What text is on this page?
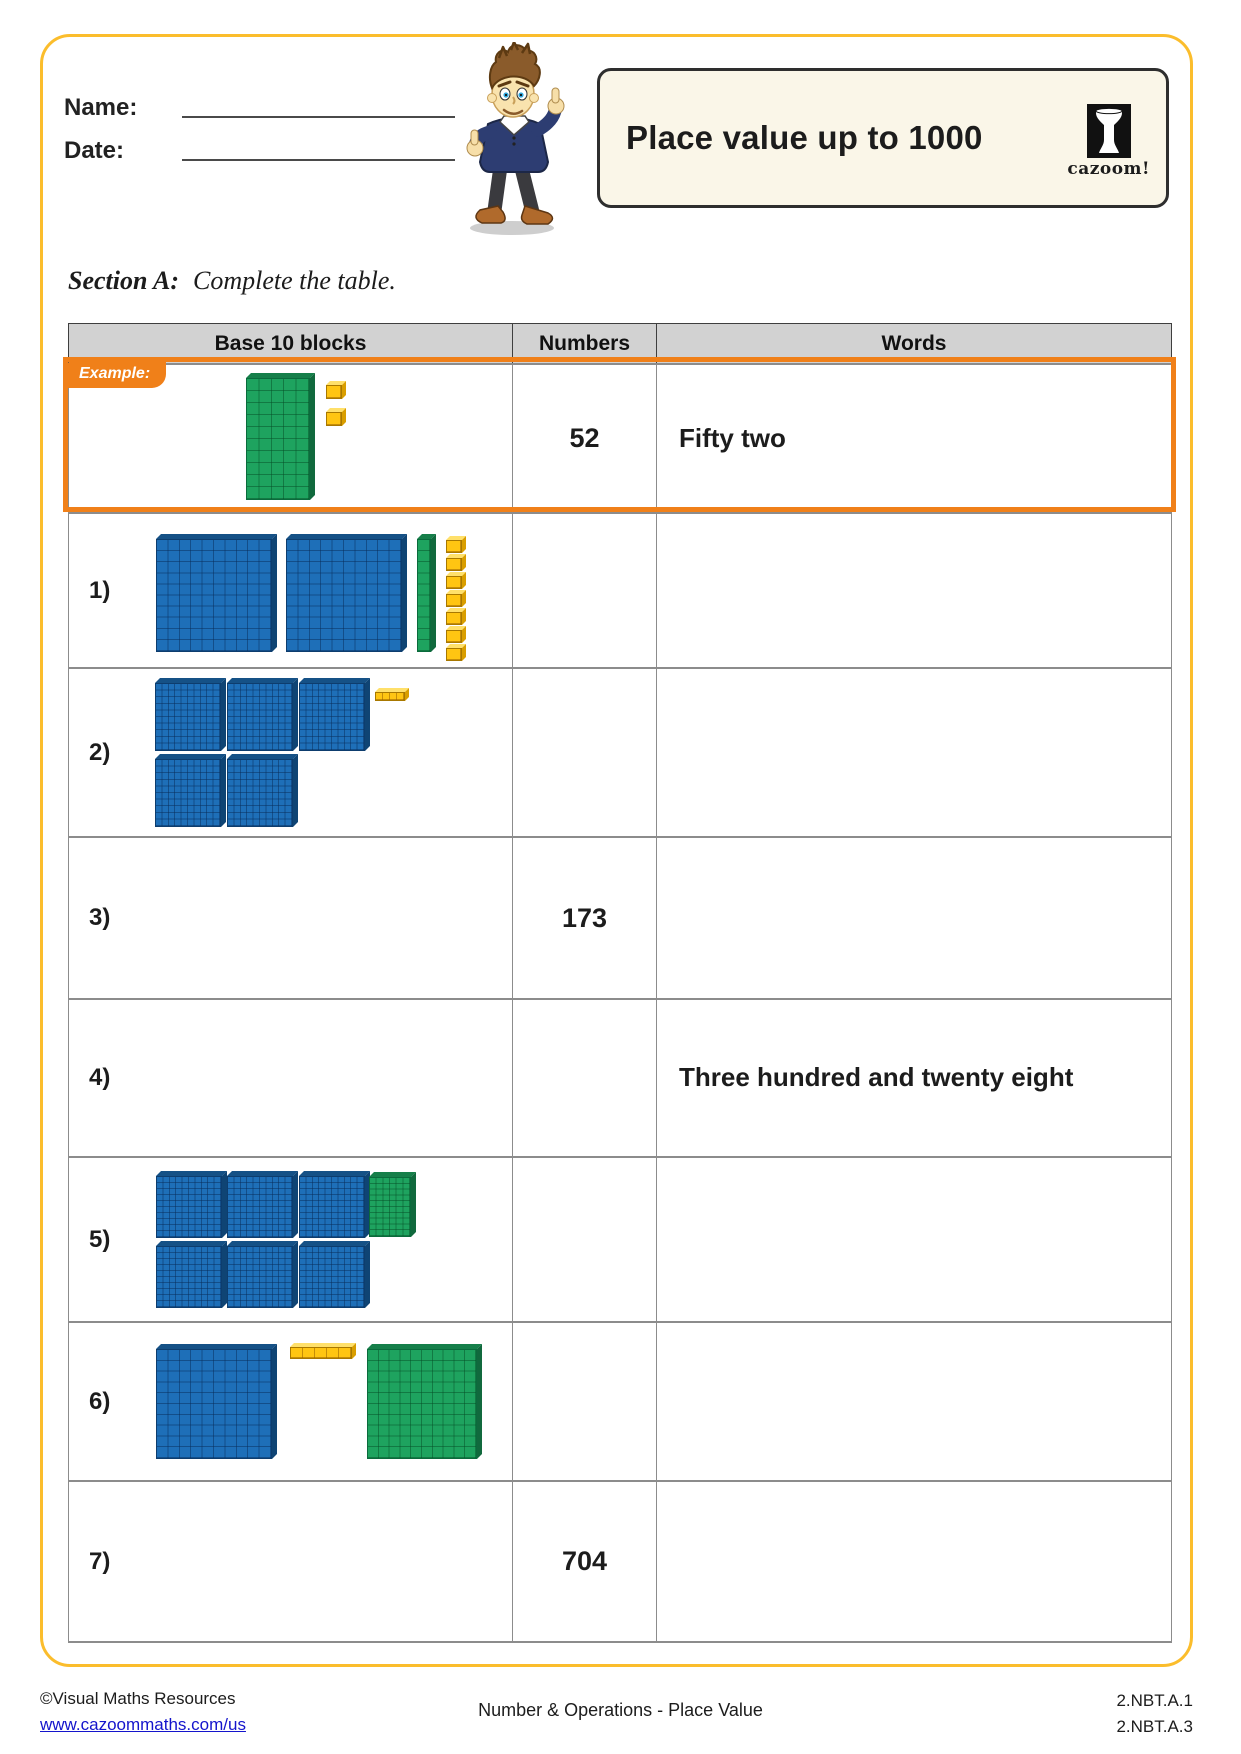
Name:
Date:	Place value up to 1000
cazoom!
Section A: Complete the table.
Base 10 blocks	Numbers	Words

	52	Fifty two

1)		

2)		

3)	173	

4)		Three hundred and twenty eight

5)		

6)		

7)	704	
Example:
©Visual Maths Resources
www.cazoommaths.com/us
Number & Operations - Place Value	2.NBT.A.1
2.NBT.A.3
